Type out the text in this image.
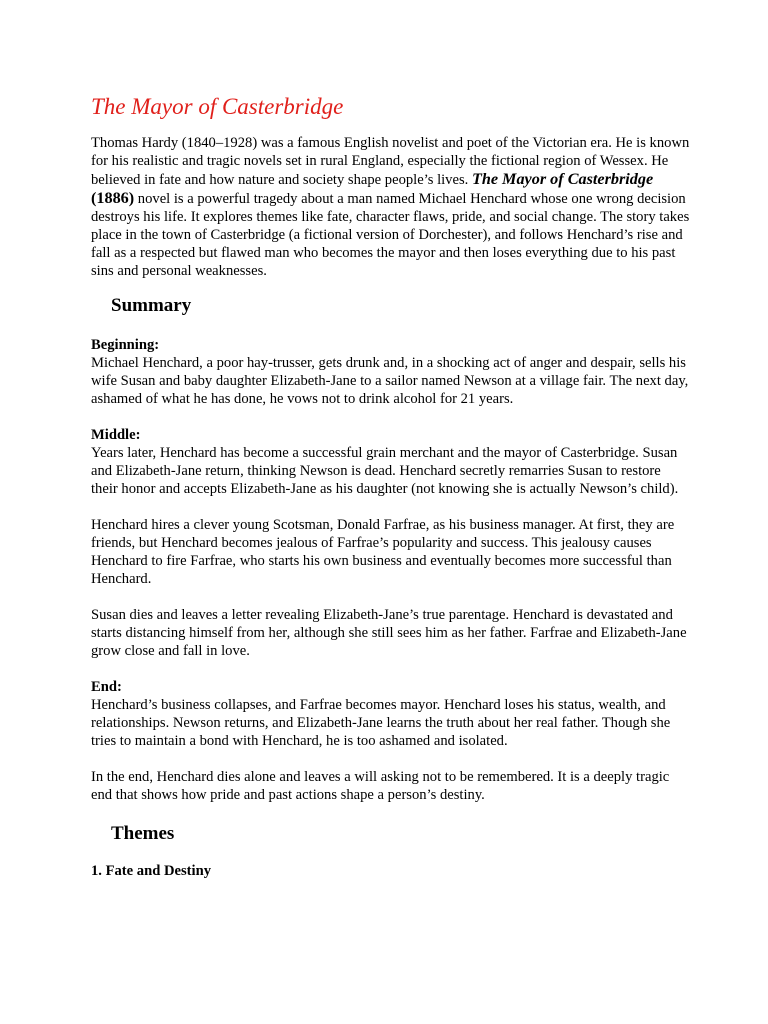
The Mayor of Casterbridge

Thomas Hardy (1840–1928) was a famous English novelist and poet of the Victorian era. He is known for his realistic and tragic novels set in rural England, especially the fictional region of Wessex. He believed in fate and how nature and society shape people’s lives. The Mayor of Casterbridge (1886) novel is a powerful tragedy about a man named Michael Henchard whose one wrong decision destroys his life. It explores themes like fate, character flaws, pride, and social change. The story takes place in the town of Casterbridge (a fictional version of Dorchester), and follows Henchard’s rise and fall as a respected but flawed man who becomes the mayor and then loses everything due to his past sins and personal weaknesses.

Summary

Beginning:
Michael Henchard, a poor hay-trusser, gets drunk and, in a shocking act of anger and despair, sells his wife Susan and baby daughter Elizabeth-Jane to a sailor named Newson at a village fair. The next day, ashamed of what he has done, he vows not to drink alcohol for 21 years.

Middle:
Years later, Henchard has become a successful grain merchant and the mayor of Casterbridge. Susan and Elizabeth-Jane return, thinking Newson is dead. Henchard secretly remarries Susan to restore their honor and accepts Elizabeth-Jane as his daughter (not knowing she is actually Newson’s child).

Henchard hires a clever young Scotsman, Donald Farfrae, as his business manager. At first, they are friends, but Henchard becomes jealous of Farfrae’s popularity and success. This jealousy causes Henchard to fire Farfrae, who starts his own business and eventually becomes more successful than Henchard.

Susan dies and leaves a letter revealing Elizabeth-Jane’s true parentage. Henchard is devastated and starts distancing himself from her, although she still sees him as her father. Farfrae and Elizabeth-Jane grow close and fall in love.

End:
Henchard’s business collapses, and Farfrae becomes mayor. Henchard loses his status, wealth, and relationships. Newson returns, and Elizabeth-Jane learns the truth about her real father. Though she tries to maintain a bond with Henchard, he is too ashamed and isolated.

In the end, Henchard dies alone and leaves a will asking not to be remembered. It is a deeply tragic end that shows how pride and past actions shape a person’s destiny.

Themes

1. Fate and Destiny
